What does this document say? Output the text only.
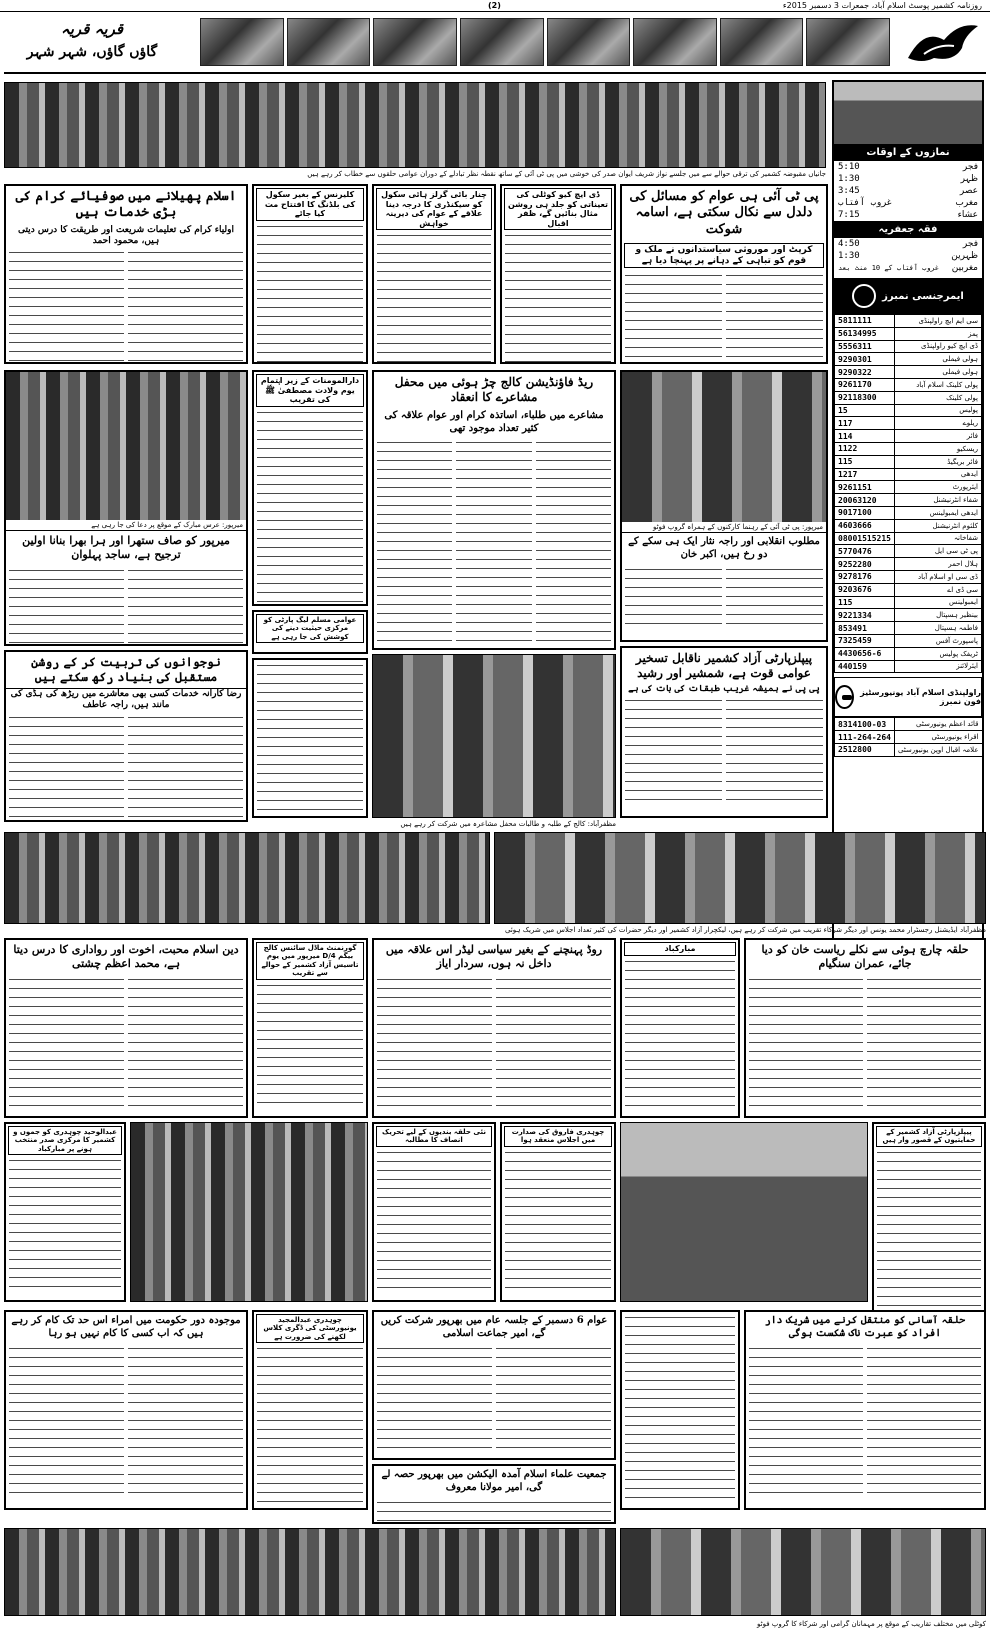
روزنامہ کشمیر پوسٹ اسلام آباد، جمعرات 3 دسمبر 2015ء
(2)
قریہ قریہ
گاؤں گاؤں، شہر شہر
جانیاں مقبوضہ کشمیر کی ترقی حوالے سے میں جلسے نواز شریف ایوان صدر کی خوشی میں پی ٹی آئی کے ساتھ نقطہ نظر تبادلے کے دوران عوامی حلقوں سے خطاب کر رہے ہیں
نمازوں کے اوقات
فجر	5:10
ظہر	1:30
عصر	3:45
مغرب	غروب آفتاب
عشاء	7:15
فقہ جعفریہ
فجر	4:50
ظہرین	1:30
مغربین	غروب آفتاب کے 10 منٹ بعد
ایمرجنسی نمبرز
5811111	سی ایم ایچ راولپنڈی
56134995	پمز
5556311	ڈی ایچ کیو راولپنڈی
9290301	ہولی فیملی
9290322	ہولی فیملی
9261170	پولی کلینک اسلام آباد
92118300	پولی کلینک
15	پولیس
117	ریلوے
114	فائر
1122	ریسکیو
115	فائر بریگیڈ
1217	ایدھی
9261151	ایئرپورٹ
20063120	شفاء انٹرنیشنل
9017100	ایدھی ایمبولینس
4603666	کلثوم انٹرنیشنل
08001515215	شفاخانہ
5770476	پی ٹی سی ایل
9252280	ہلال احمر
9278176	ڈی سی او اسلام آباد
9203676	سی ڈی اے
115	ایمبولینس
9221334	بینظیر ہسپتال
853491	فاطمہ ہسپتال
7325459	پاسپورٹ آفس
4430656-6	ٹریفک پولیس
440159	ایئرلائنز
راولپنڈی اسلام آباد یونیورسٹیز فون نمبرز
8314100-03	قائد اعظم یونیورسٹی
111-264-264	اقراء یونیورسٹی
2512800	علامہ اقبال اوپن یونیورسٹی
پی ٹی آئی ہی عوام کو مسائل کی دلدل سے نکال سکتی ہے، اسامہ شوکت
کرپٹ اور موروثی سیاستدانوں نے ملک و قوم کو تباہی کے دہانے پر پہنچا دیا ہے
ڈی ایچ کیو کوٹلی کی تعیناتی کو جلد ہی روشن مثال بنائیں گے، ظفر اقبال
چنار بائی گرلز ہائی سکول کو سیکنڈری کا درجہ دینا علاقے کے عوام کی دیرینہ خواہش
کلیرنس کے بغیر سکول کی بلڈنگ کا افتتاح مت کیا جائے
اسلام پھیلانے میں صوفیائے کرام کی بڑی خدمات ہیں
اولیاء کرام کی تعلیمات شریعت اور طریقت کا درس دیتی ہیں، محمود احمد
میرپور: پی ٹی آئی کے رہنما کارکنوں کے ہمراہ گروپ فوٹو
مطلوب انقلابی اور راجہ نثار ایک ہی سکے کے دو رخ ہیں، اکبر خان
ریڈ فاؤنڈیشن کالج چڑ ہوئی میں محفل مشاعرے کا انعقاد
مشاعرے میں طلباء، اساتذہ کرام اور عوام علاقہ کی کثیر تعداد موجود تھی
دارالمومنات کے زیر اہتمام یوم ولادت مصطفیٰ ﷺ کی تقریب
میرپور: عرس مبارک کے موقع پر دعا کی جا رہی ہے
میرپور کو صاف ستھرا اور ہرا بھرا بنانا اولین ترجیح ہے، ساجد پہلوان
عوامی مسلم لیگ پارٹی کو مرکزی حیثیت دینے کی کوشش کی جا رہی ہے
پیپلزپارٹی آزاد کشمیر ناقابل تسخیر عوامی قوت ہے، شمشیر اور رشید
پی پی نے ہمیشہ غریب طبقات کی بات کی ہے
مظفرآباد: کالج کے طلبہ و طالبات محفل مشاعرہ میں شرکت کر رہے ہیں
نوجوانوں کی تربیت کر کے روشن مستقبل کی بنیاد رکھ سکتے ہیں
رضا کارانہ خدمات کسی بھی معاشرے میں ریڑھ کی ہڈی کی مانند ہیں، راجہ عاطف
مظفرآباد ایڈیشنل رجسٹرار محمد یونس اور دیگر شرکاء تقریب میں شرکت کر رہے ہیں، لیکچرار آزاد کشمیر اور دیگر حضرات کی کثیر تعداد اجلاس میں شریک ہوئی
حلقہ چارچ ہوئی سے نکلے ریاست خان کو دیا جائے، عمران سنگیام
مبارکباد
روڈ پہنچنے کے بغیر سیاسی لیڈر اس علاقہ میں داخل نہ ہوں، سردار ایاز
گورنمنٹ ماڈل سائنس کالج بیگم D/4 میرپور میں یوم تاسیس آزاد کشمیر کے حوالے سے تقریب
دین اسلام محبت، اخوت اور رواداری کا درس دیتا ہے، محمد اعظم چشتی
پیپلزپارٹی آزاد کشمیر کے حمایتیوں کے قصور وار ہیں
چوہدری فاروق کی صدارت میں اجلاس منعقد ہوا
نئی حلقہ بندیوں کے لیے تحریک انصاف کا مطالبہ
عبدالوحید چوہدری کو جموں و کشمیر کا مرکزی صدر منتخب ہونے پر مبارکباد
حلقہ آسانی کو منتقل کرنے میں شریک دار افراد کو عبرت ناک شکست ہوگی
عوام 6 دسمبر کے جلسہ عام میں بھرپور شرکت کریں گے، امیر جماعت اسلامی
چوہدری عبدالمجید یونیورسٹی کی ڈگری کلاس لکھنے کی ضرورت ہے
موجودہ دور حکومت میں امراء اس حد تک کام کر رہے ہیں کہ اب کسی کا کام نہیں ہو رہا
جمعیت علماء اسلام آمدہ الیکشن میں بھرپور حصہ لے گی، امیر مولانا معروف
کوٹلی میں مختلف تقاریب کے موقع پر مہمانان گرامی اور شرکاء کا گروپ فوٹو
